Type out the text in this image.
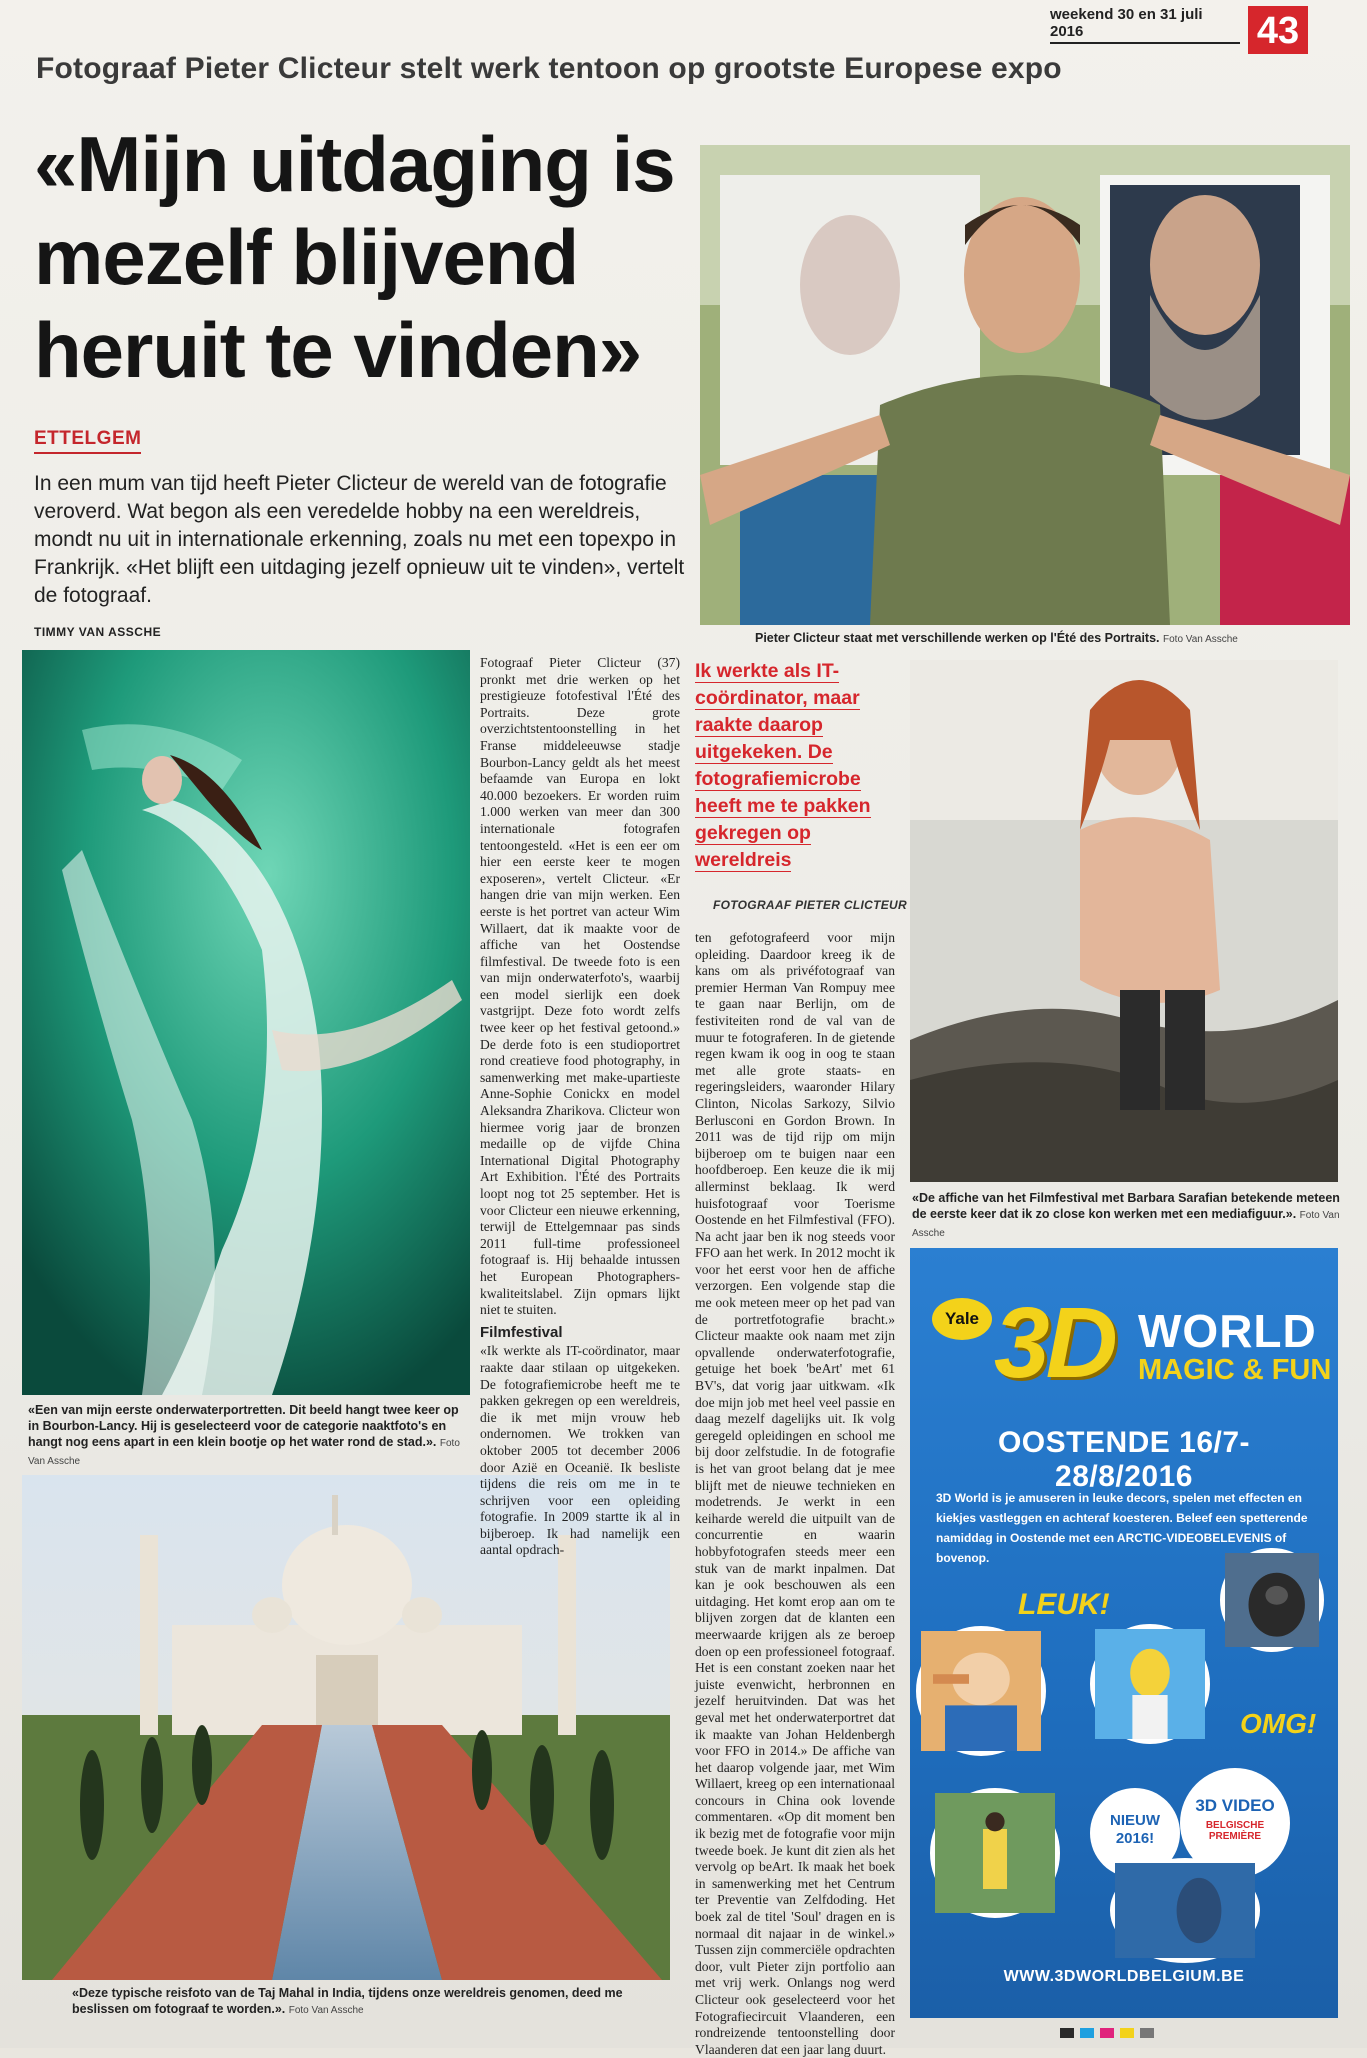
weekend 30 en 31 juli 2016	43
Fotograaf Pieter Clicteur stelt werk tentoon op grootste Europese expo
«Mijn uitdaging is mezelf blijvend heruit te vinden»
ETTELGEM
In een mum van tijd heeft Pieter Clicteur de wereld van de fotografie veroverd. Wat begon als een veredelde hobby na een wereldreis, mondt nu uit in internationale erkenning, zoals nu met een topexpo in Frankrijk. «Het blijft een uitdaging jezelf opnieuw uit te vinden», vertelt de fotograaf.
TIMMY VAN ASSCHE	Pieter Clicteur staat met verschillende werken op l'Été des Portraits. Foto Van Assche
«Een van mijn eerste onderwaterportretten. Dit beeld hangt twee keer op in Bourbon-Lancy. Hij is geselecteerd voor de categorie naaktfoto's en hangt nog eens apart in een klein bootje op het water rond de stad.». Foto Van Assche
«Deze typische reisfoto van de Taj Mahal in India, tijdens onze wereldreis genomen, deed me beslissen om fotograaf te worden.». Foto Van Assche
«De affiche van het Filmfestival met Barbara Sarafian betekende meteen de eerste keer dat ik zo close kon werken met een mediafiguur.». Foto Van Assche

Fotograaf Pieter Clicteur (37) pronkt met drie werken op het prestigieuze fotofestival l'Été des Portraits. Deze grote overzichtstentoonstelling in het Franse middeleeuwse stadje Bourbon-Lancy geldt als het meest befaamde van Europa en lokt 40.000 bezoekers. Er worden ruim 1.000 werken van meer dan 300 internationale fotografen tentoongesteld. «Het is een eer om hier een eerste keer te mogen exposeren», vertelt Clicteur. «Er hangen drie van mijn werken. Een eerste is het portret van acteur Wim Willaert, dat ik maakte voor de affiche van het Oostendse filmfestival. De tweede foto is een van mijn onderwaterfoto's, waarbij een model sierlijk een doek vastgrijpt. Deze foto wordt zelfs twee keer op het festival getoond.» De derde foto is een studioportret rond creatieve food photography, in samenwerking met make-upartieste Anne-Sophie Conickx en model Aleksandra Zharikova. Clicteur won hiermee vorig jaar de bronzen medaille op de vijfde China International Digital Photography Art Exhibition. l'Été des Portraits loopt nog tot 25 september. Het is voor Clicteur een nieuwe erkenning, terwijl de Ettelgemnaar pas sinds 2011 full-time professioneel fotograaf is. Hij behaalde intussen het European Photographers-kwaliteitslabel. Zijn opmars lijkt niet te stuiten.

Filmfestival

«Ik werkte als IT-coördinator, maar raakte daar stilaan op uitgekeken. De fotografiemicrobe heeft me te pakken gekregen op een wereldreis, die ik met mijn vrouw heb ondernomen. We trokken van oktober 2005 tot december 2006 door Azië en Oceanië. Ik besliste tijdens die reis om me in te schrijven voor een opleiding fotografie. In 2009 startte ik al in bijberoep. Ik had namelijk een aantal opdrach-

Ik werkte als IT-coördinator, maar raakte daarop uitgekeken. De fotografiemicrobe heeft me te pakken gekregen op wereldreis
FOTOGRAAF PIETER CLICTEUR

ten gefotografeerd voor mijn opleiding. Daardoor kreeg ik de kans om als privéfotograaf van premier Herman Van Rompuy mee te gaan naar Berlijn, om de festiviteiten rond de val van de muur te fotograferen. In de gietende regen kwam ik oog in oog te staan met alle grote staats- en regeringsleiders, waaronder Hilary Clinton, Nicolas Sarkozy, Silvio Berlusconi en Gordon Brown. In 2011 was de tijd rijp om mijn bijberoep om te buigen naar een hoofdberoep. Een keuze die ik mij allerminst beklaag. Ik werd huisfotograaf voor Toerisme Oostende en het Filmfestival (FFO). Na acht jaar ben ik nog steeds voor FFO aan het werk. In 2012 mocht ik voor het eerst voor hen de affiche verzorgen. Een volgende stap die me ook meteen meer op het pad van de portretfotografie bracht.» Clicteur maakte ook naam met zijn opvallende onderwaterfotografie, getuige het boek 'beArt' met 61 BV's, dat vorig jaar uitkwam. «Ik doe mijn job met heel veel passie en daag mezelf dagelijks uit. Ik volg geregeld opleidingen en school me bij door zelfstudie. In de fotografie is het van groot belang dat je mee blijft met de nieuwe technieken en modetrends. Je werkt in een keiharde wereld die uitpuilt van de concurrentie en waarin hobbyfotografen steeds meer een stuk van de markt inpalmen. Dat kan je ook beschouwen als een uitdaging. Het komt erop aan om te blijven zorgen dat de klanten een meerwaarde krijgen als ze beroep doen op een professioneel fotograaf. Het is een constant zoeken naar het juiste evenwicht, herbronnen en jezelf heruitvinden. Dat was het geval met het onderwaterportret dat ik maakte van Johan Heldenbergh voor FFO in 2014.» De affiche van het daarop volgende jaar, met Wim Willaert, kreeg op een internationaal concours in China ook lovende commentaren. «Op dit moment ben ik bezig met de fotografie voor mijn tweede boek. Je kunt dit zien als het vervolg op beArt. Ik maak het boek in samenwerking met het Centrum ter Preventie van Zelfdoding. Het boek zal de titel 'Soul' dragen en is normaal dit najaar in de winkel.» Tussen zijn commerciële opdrachten door, vult Pieter zijn portfolio aan met vrij werk. Onlangs nog werd Clicteur ook geselecteerd voor het Fotografiecircuit Vlaanderen, een rondreizende tentoonstelling door Vlaanderen dat een jaar lang duurt.

Yale 3D WORLD
MAGIC & FUN
OOSTENDE 16/7-28/8/2016
3D World is je amuseren in leuke decors, spelen met effecten en kiekjes vastleggen en achteraf koesteren. Beleef een spetterende namiddag in Oostende met een ARCTIC-VIDEOBELEVENIS of bovenop.
LEUK!
OMG!
NIEUW 2016!
3D VIDEO
BELGISCHE PREMIÈRE
WWW.3DWORLDBELGIUM.BE
